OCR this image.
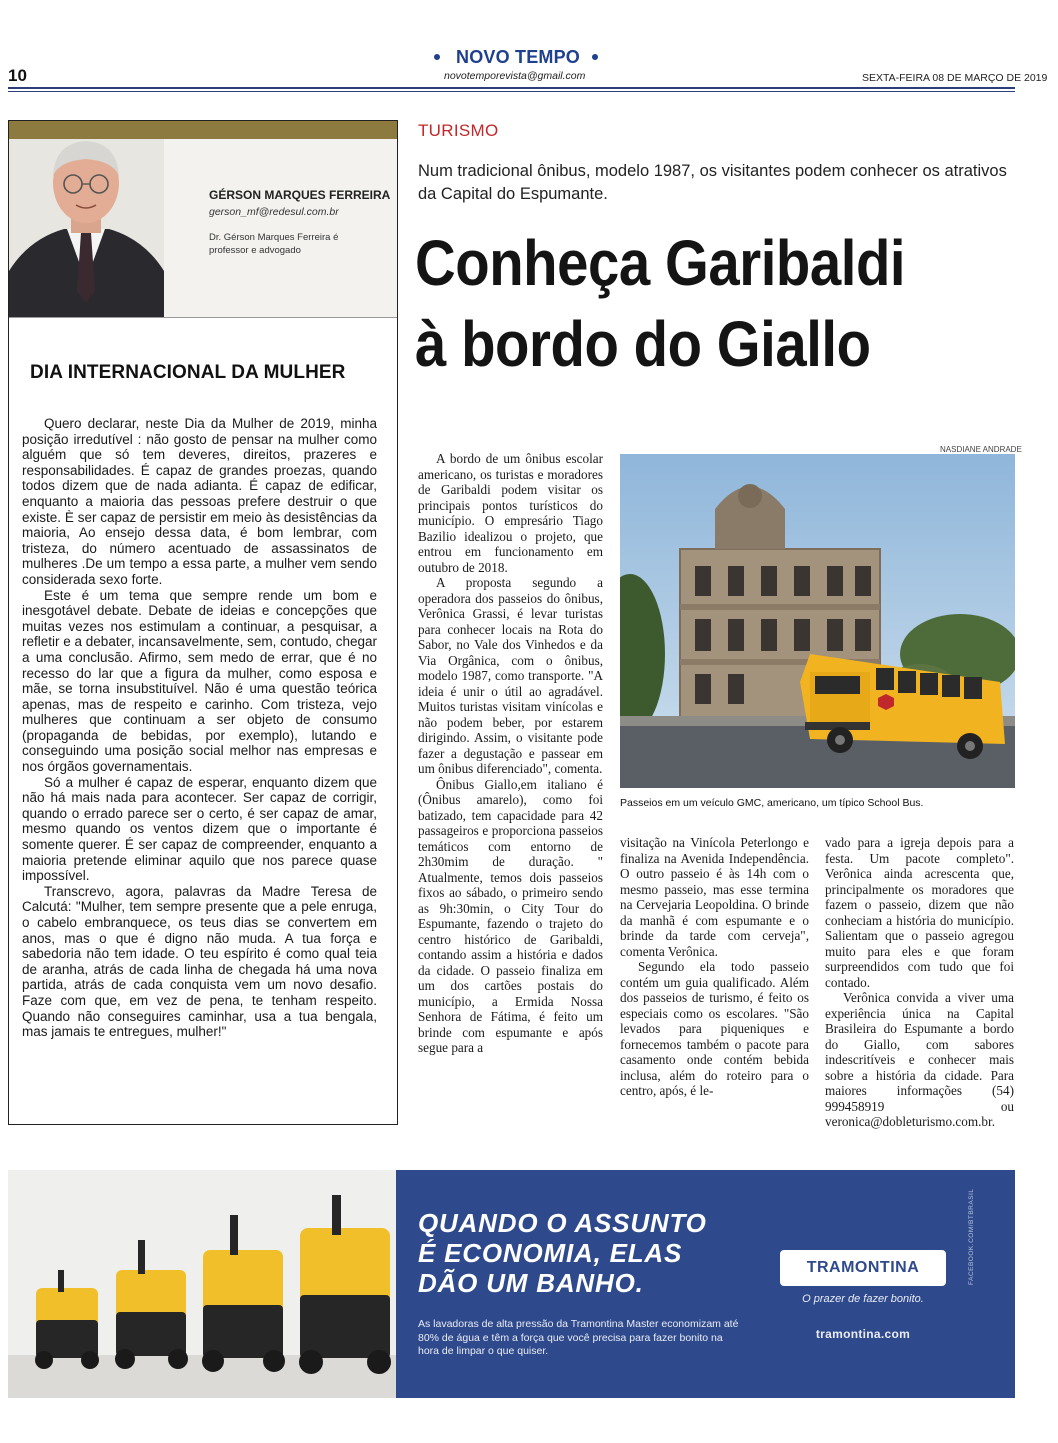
NOVO TEMPO
novotemporevista@gmail.com
10	SEXTA-FEIRA 08 DE MARÇO DE 2019
GÉRSON MARQUES FERREIRA
gerson_mf@redesul.com.br
Dr. Gérson Marques Ferreira é professor e advogado
DIA INTERNACIONAL DA MULHER

Quero declarar, neste Dia da Mulher de 2019, minha posição irredutível : não gosto de pensar na mulher como alguém que só tem deveres, direitos, prazeres e responsabilidades. É capaz de grandes proezas, quando todos dizem que de nada adianta. É capaz de edificar, enquanto a maioria das pessoas prefere destruir o que existe. È ser capaz de persistir em meio às desistências da maioria, Ao ensejo dessa data, é bom lembrar, com tristeza, do número acentuado de assassinatos de mulheres .De um tempo a essa parte, a mulher vem sendo considerada sexo forte.

Este é um tema que sempre rende um bom e inesgotável debate. Debate de ideias e concepções que muitas vezes nos estimulam a continuar, a pesquisar, a refletir e a debater, incansavelmente, sem, contudo, chegar a uma conclusão. Afirmo, sem medo de errar, que é no recesso do lar que a figura da mulher, como esposa e mãe, se torna insubstituível. Não é uma questão teórica apenas, mas de respeito e carinho. Com tristeza, vejo mulheres que continuam a ser objeto de consumo (propaganda de bebidas, por exemplo), lutando e conseguindo uma posição social melhor nas empresas e nos órgãos governamentais.

Só a mulher é capaz de esperar, enquanto dizem que não há mais nada para acontecer. Ser capaz de corrigir, quando o errado parece ser o certo, é ser capaz de amar, mesmo quando os ventos dizem que o importante é somente querer. É ser capaz de compreender, enquanto a maioria pretende eliminar aquilo que nos parece quase impossível.

Transcrevo, agora, palavras da Madre Teresa de Calcutá: "Mulher, tem sempre presente que a pele enruga, o cabelo embranquece, os teus dias se convertem em anos, mas o que é digno não muda. A tua força e sabedoria não tem idade. O teu espírito é como qual teia de aranha, atrás de cada linha de chegada há uma nova partida, atrás de cada conquista vem um novo desafio. Faze com que, em vez de pena, te tenham respeito. Quando não conseguires caminhar, usa a tua bengala, mas jamais te entregues, mulher!"

TURISMO
Num tradicional ônibus, modelo 1987, os visitantes podem conhecer os atrativos da Capital do Espumante.
Conheça Garibaldi
à bordo do Giallo
NASDIANE ANDRADE
Passeios em um veículo GMC, americano, um típico School Bus.

A bordo de um ônibus escolar americano, os turistas e moradores de Garibaldi podem visitar os principais pontos turísticos do município. O empresário Tiago Bazilio idealizou o projeto, que entrou em funcionamento em outubro de 2018.

A proposta segundo a operadora dos passeios do ônibus, Verônica Grassi, é levar turistas para conhecer locais na Rota do Sabor, no Vale dos Vinhedos e da Via Orgânica, com o ônibus, modelo 1987, como transporte. "A ideia é unir o útil ao agradável. Muitos turistas visitam vinícolas e não podem beber, por estarem dirigindo. Assim, o visitante pode fazer a degustação e passear em um ônibus diferenciado", comenta.

Ônibus Giallo,em italiano é (Ônibus amarelo), como foi batizado, tem capacidade para 42 passageiros e proporciona passeios temáticos com entorno de 2h30mim de duração. " Atualmente, temos dois passeios fixos ao sábado, o primeiro sendo as 9h:30min, o City Tour do Espumante, fazendo o trajeto do centro histórico de Garibaldi, contando assim a história e dados da cidade. O passeio finaliza em um dos cartões postais do município, a Ermida Nossa Senhora de Fátima, é feito um brinde com espumante e após segue para a

visitação na Vinícola Peterlongo e finaliza na Avenida Independência. O outro passeio é às 14h com o mesmo passeio, mas esse termina na Cervejaria Leopoldina. O brinde da manhã é com espumante e o brinde da tarde com cerveja", comenta Verônica.

Segundo ela todo passeio contém um guia qualificado. Além dos passeios de turismo, é feito os especiais como os escolares. "São levados para piqueniques e fornecemos também o pacote para casamento onde contém bebida inclusa, além do roteiro para o centro, após, é le-

vado para a igreja depois para a festa. Um pacote completo". Verônica ainda acrescenta que, principalmente os moradores que fazem o passeio, dizem que não conheciam a história do município. Salientam que o passeio agregou muito para eles e que foram surpreendidos com tudo que foi contado.

Verônica convida a viver uma experiência única na Capital Brasileira do Espumante a bordo do Giallo, com sabores indescritíveis e conhecer mais sobre a história da cidade. Para maiores informações (54) 999458919 ou veronica@dobleturismo.com.br.

QUANDO O ASSUNTO
É ECONOMIA, ELAS
DÃO UM BANHO.
As lavadoras de alta pressão da Tramontina Master economizam até 80% de água e têm a força que você precisa para fazer bonito na hora de limpar o que quiser.
TRAMONTINA
O prazer de fazer bonito.
tramontina.com
FACEBOOK.COM/BTBRASIL
